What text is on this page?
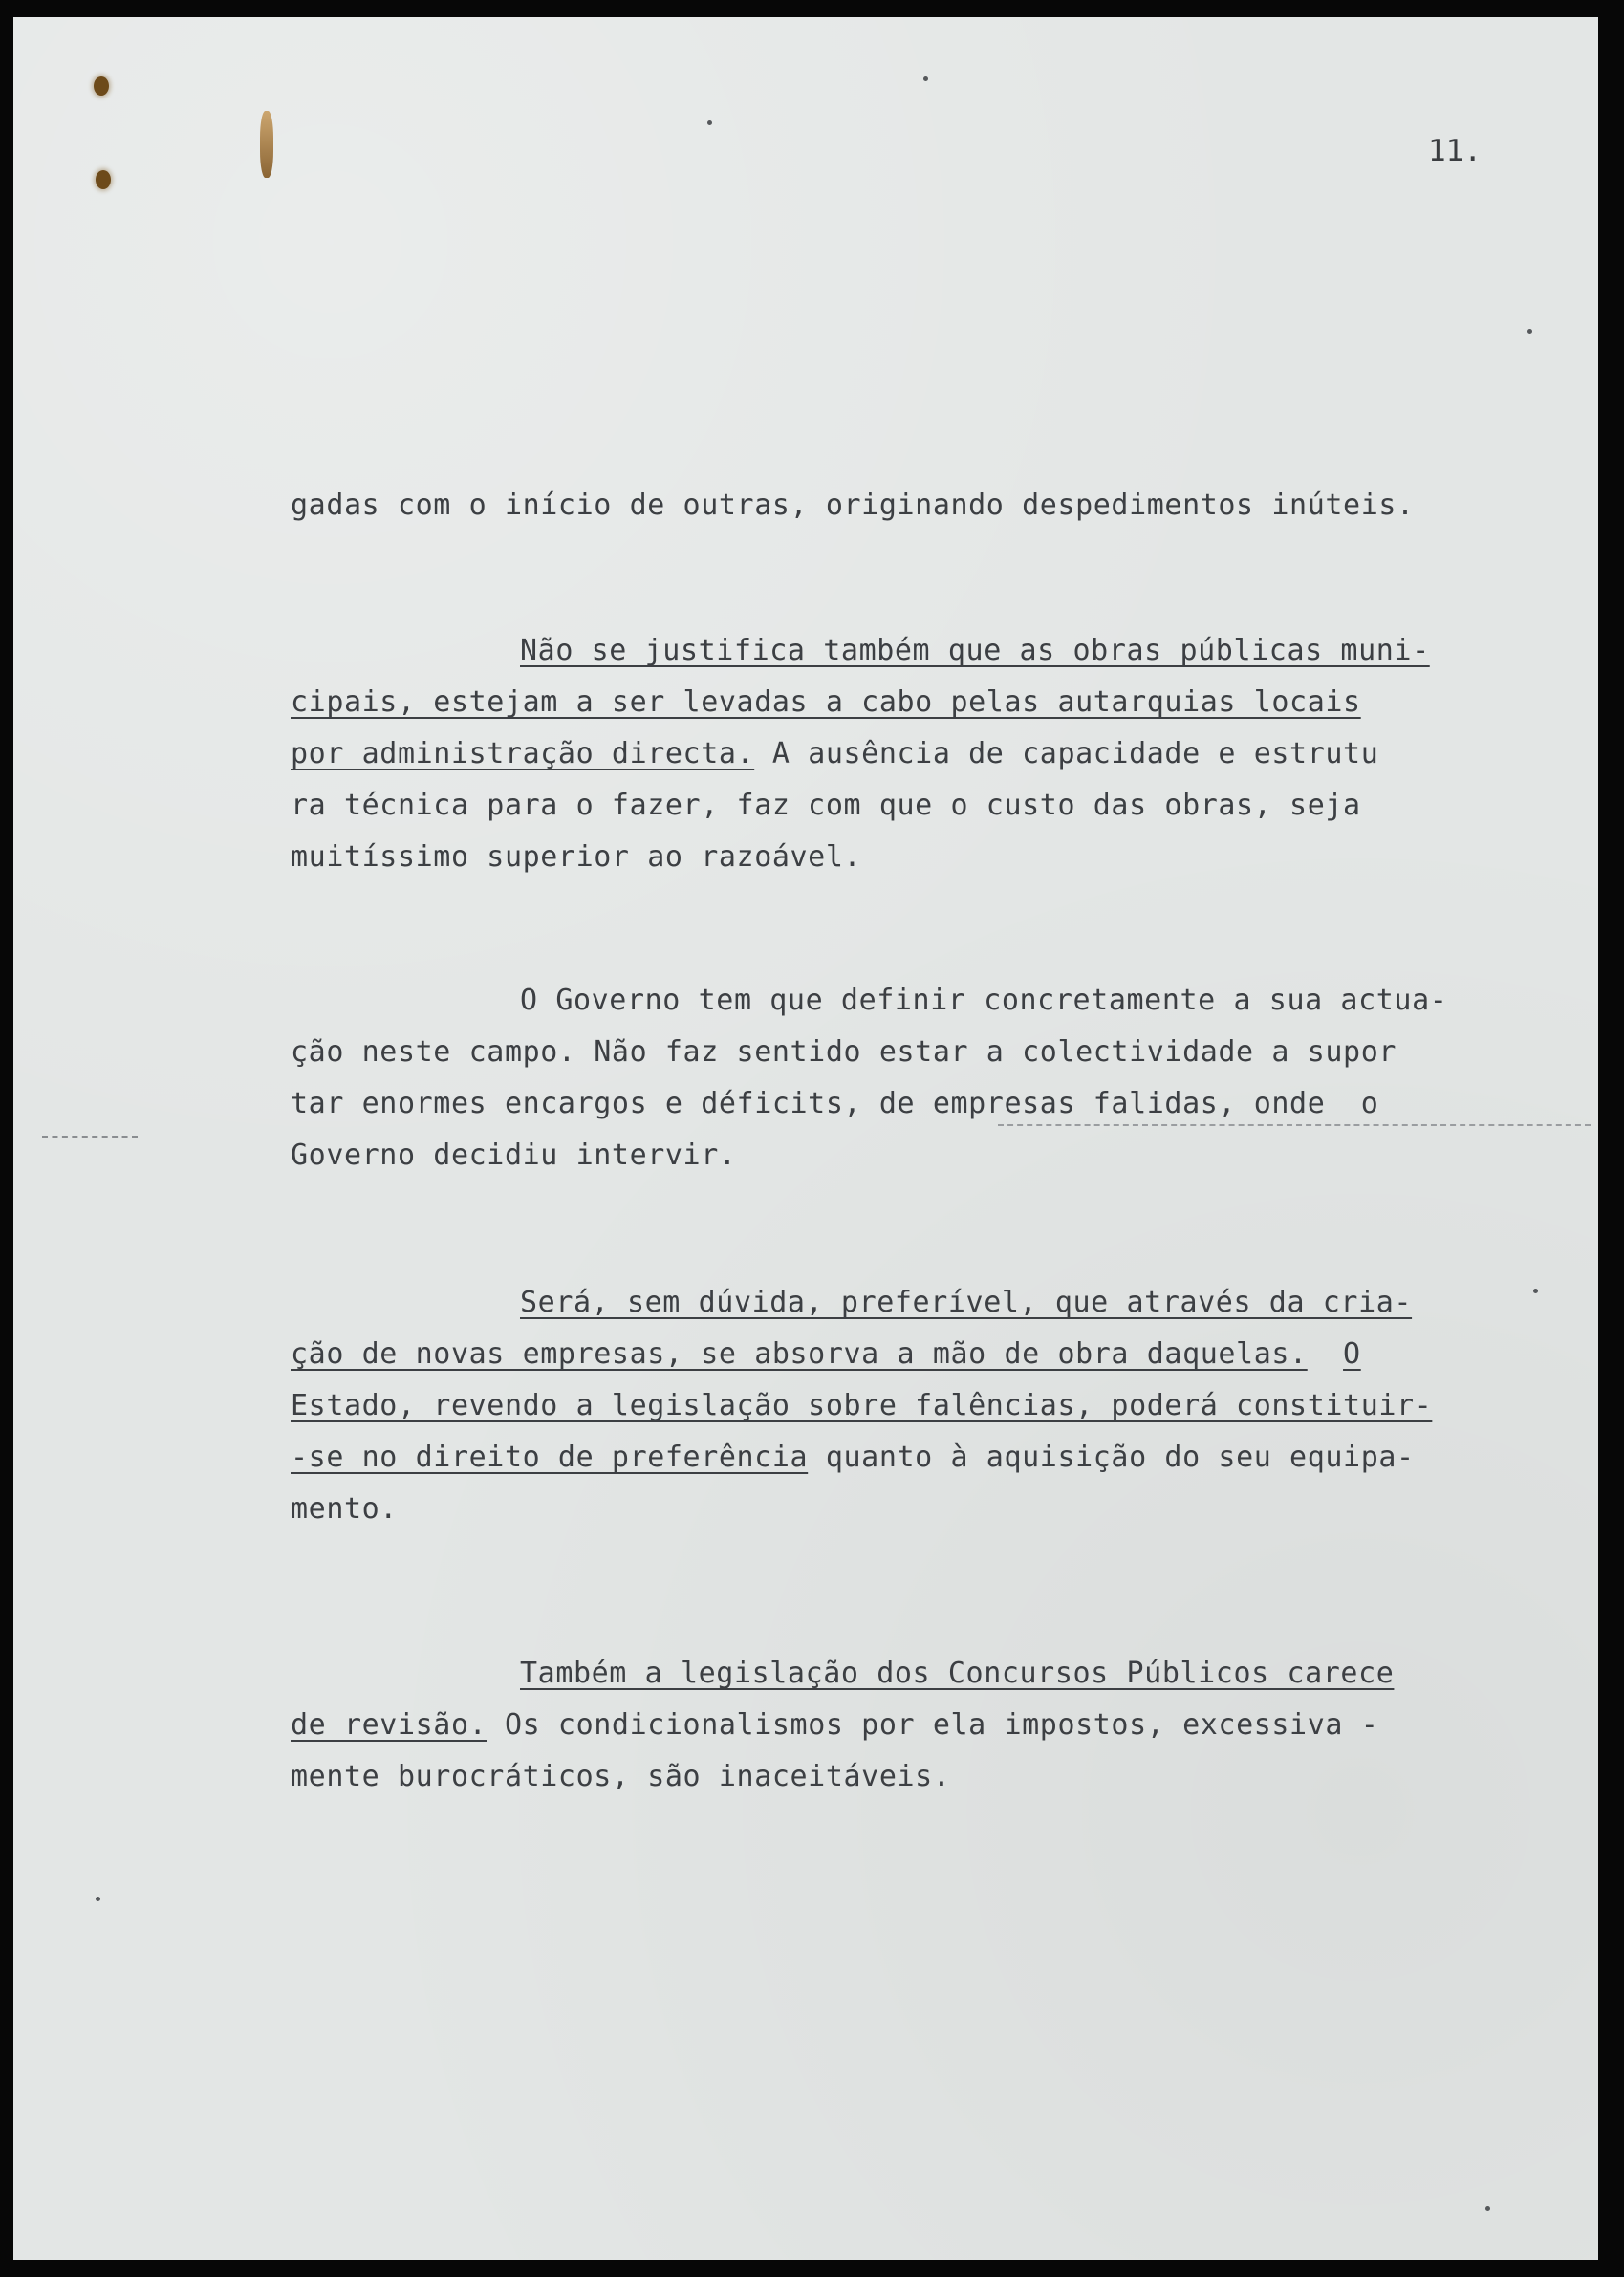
11.
gadas com o início de outras, originando despedimentos inúteis.
Não se justifica também que as obras públicas muni-
cipais, estejam a ser levadas a cabo pelas autarquias locais
por administração directa. A ausência de capacidade e estrutu
ra técnica para o fazer, faz com que o custo das obras, seja
muitíssimo superior ao razoável.
O Governo tem que definir concretamente a sua actua-
ção neste campo. Não faz sentido estar a colectividade a supor
tar enormes encargos e déficits, de empresas falidas, onde  o
Governo decidiu intervir.
Será, sem dúvida, preferível, que através da cria-
ção de novas empresas, se absorva a mão de obra daquelas. O
Estado, revendo a legislação sobre falências, poderá constituir-
-se no direito de preferência quanto à aquisição do seu equipa-
mento.
Também a legislação dos Concursos Públicos carece
de revisão. Os condicionalismos por ela impostos, excessiva -
mente burocráticos, são inaceitáveis.
